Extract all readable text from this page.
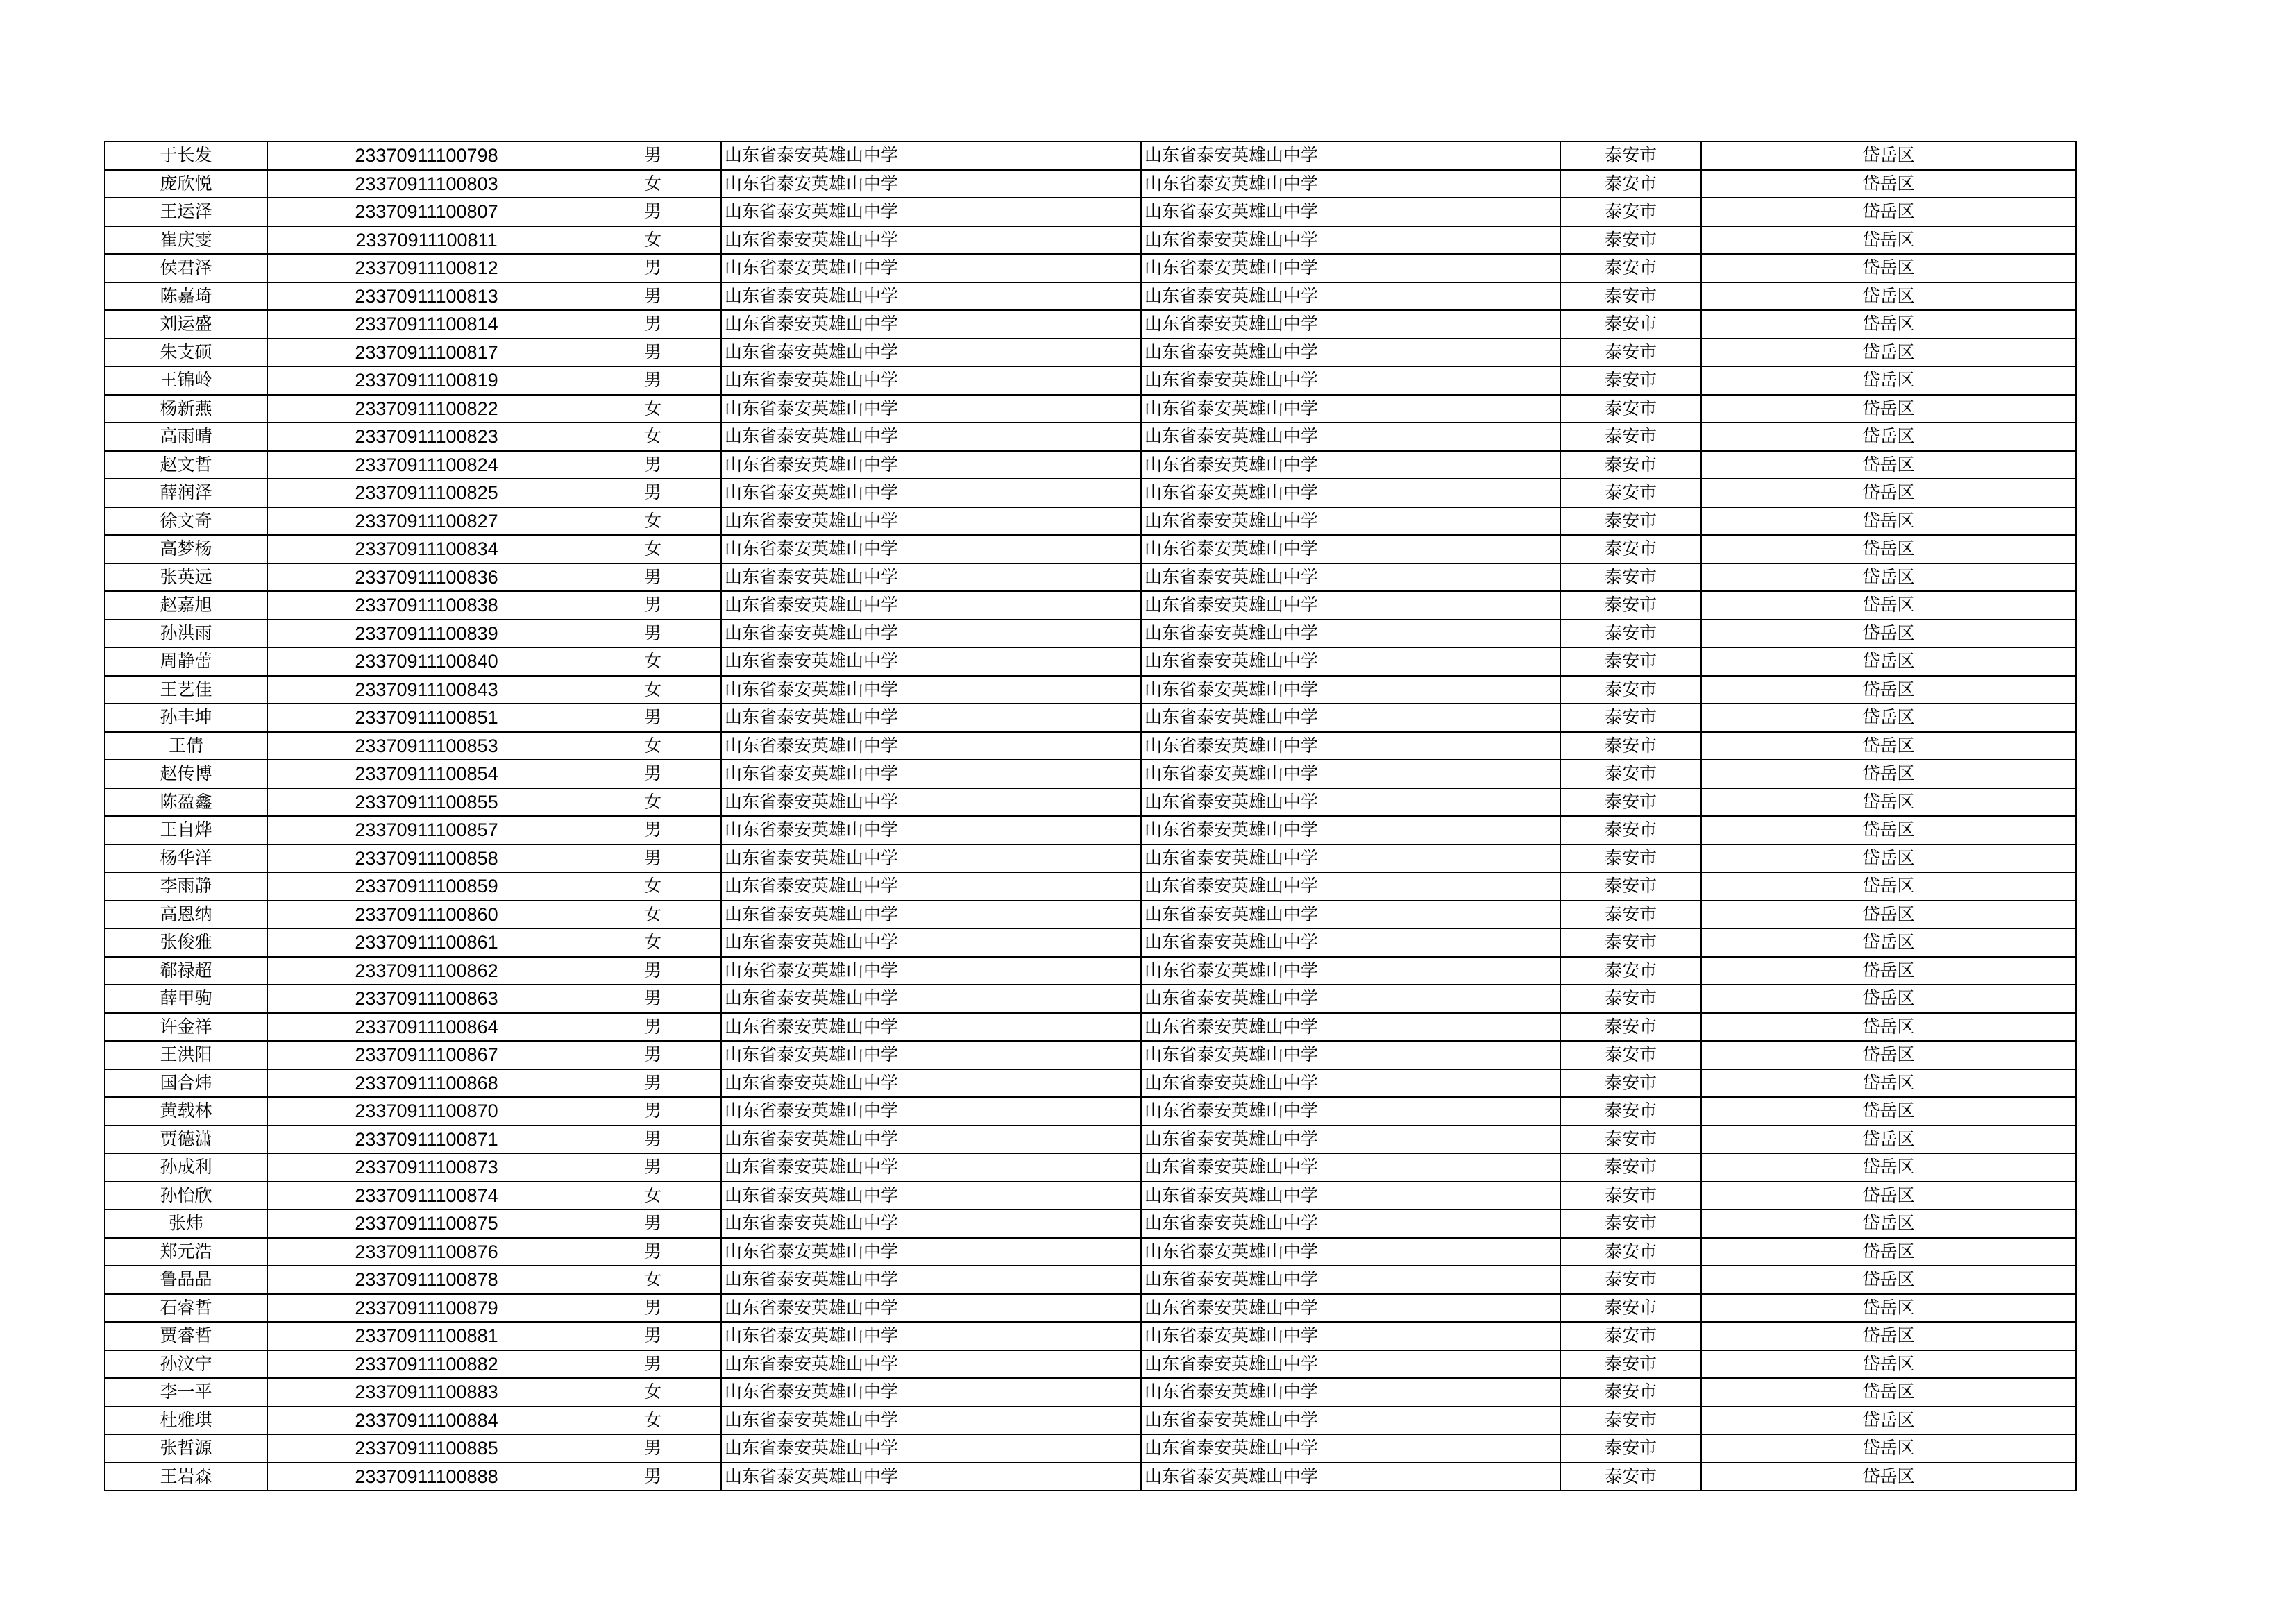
于长发	23370911100798	男	山东省泰安英雄山中学	山东省泰安英雄山中学	泰安市	岱岳区
庞欣悦	23370911100803	女	山东省泰安英雄山中学	山东省泰安英雄山中学	泰安市	岱岳区
王运泽	23370911100807	男	山东省泰安英雄山中学	山东省泰安英雄山中学	泰安市	岱岳区
崔庆雯	23370911100811	女	山东省泰安英雄山中学	山东省泰安英雄山中学	泰安市	岱岳区
侯君泽	23370911100812	男	山东省泰安英雄山中学	山东省泰安英雄山中学	泰安市	岱岳区
陈嘉琦	23370911100813	男	山东省泰安英雄山中学	山东省泰安英雄山中学	泰安市	岱岳区
刘运盛	23370911100814	男	山东省泰安英雄山中学	山东省泰安英雄山中学	泰安市	岱岳区
朱支硕	23370911100817	男	山东省泰安英雄山中学	山东省泰安英雄山中学	泰安市	岱岳区
王锦岭	23370911100819	男	山东省泰安英雄山中学	山东省泰安英雄山中学	泰安市	岱岳区
杨新燕	23370911100822	女	山东省泰安英雄山中学	山东省泰安英雄山中学	泰安市	岱岳区
高雨晴	23370911100823	女	山东省泰安英雄山中学	山东省泰安英雄山中学	泰安市	岱岳区
赵文哲	23370911100824	男	山东省泰安英雄山中学	山东省泰安英雄山中学	泰安市	岱岳区
薛润泽	23370911100825	男	山东省泰安英雄山中学	山东省泰安英雄山中学	泰安市	岱岳区
徐文奇	23370911100827	女	山东省泰安英雄山中学	山东省泰安英雄山中学	泰安市	岱岳区
高梦杨	23370911100834	女	山东省泰安英雄山中学	山东省泰安英雄山中学	泰安市	岱岳区
张英远	23370911100836	男	山东省泰安英雄山中学	山东省泰安英雄山中学	泰安市	岱岳区
赵嘉旭	23370911100838	男	山东省泰安英雄山中学	山东省泰安英雄山中学	泰安市	岱岳区
孙洪雨	23370911100839	男	山东省泰安英雄山中学	山东省泰安英雄山中学	泰安市	岱岳区
周静蕾	23370911100840	女	山东省泰安英雄山中学	山东省泰安英雄山中学	泰安市	岱岳区
王艺佳	23370911100843	女	山东省泰安英雄山中学	山东省泰安英雄山中学	泰安市	岱岳区
孙丰坤	23370911100851	男	山东省泰安英雄山中学	山东省泰安英雄山中学	泰安市	岱岳区
王倩	23370911100853	女	山东省泰安英雄山中学	山东省泰安英雄山中学	泰安市	岱岳区
赵传博	23370911100854	男	山东省泰安英雄山中学	山东省泰安英雄山中学	泰安市	岱岳区
陈盈鑫	23370911100855	女	山东省泰安英雄山中学	山东省泰安英雄山中学	泰安市	岱岳区
王自烨	23370911100857	男	山东省泰安英雄山中学	山东省泰安英雄山中学	泰安市	岱岳区
杨华洋	23370911100858	男	山东省泰安英雄山中学	山东省泰安英雄山中学	泰安市	岱岳区
李雨静	23370911100859	女	山东省泰安英雄山中学	山东省泰安英雄山中学	泰安市	岱岳区
高恩纳	23370911100860	女	山东省泰安英雄山中学	山东省泰安英雄山中学	泰安市	岱岳区
张俊雅	23370911100861	女	山东省泰安英雄山中学	山东省泰安英雄山中学	泰安市	岱岳区
郗禄超	23370911100862	男	山东省泰安英雄山中学	山东省泰安英雄山中学	泰安市	岱岳区
薛甲驹	23370911100863	男	山东省泰安英雄山中学	山东省泰安英雄山中学	泰安市	岱岳区
许金祥	23370911100864	男	山东省泰安英雄山中学	山东省泰安英雄山中学	泰安市	岱岳区
王洪阳	23370911100867	男	山东省泰安英雄山中学	山东省泰安英雄山中学	泰安市	岱岳区
国合炜	23370911100868	男	山东省泰安英雄山中学	山东省泰安英雄山中学	泰安市	岱岳区
黄载林	23370911100870	男	山东省泰安英雄山中学	山东省泰安英雄山中学	泰安市	岱岳区
贾德潇	23370911100871	男	山东省泰安英雄山中学	山东省泰安英雄山中学	泰安市	岱岳区
孙成利	23370911100873	男	山东省泰安英雄山中学	山东省泰安英雄山中学	泰安市	岱岳区
孙怡欣	23370911100874	女	山东省泰安英雄山中学	山东省泰安英雄山中学	泰安市	岱岳区
张炜	23370911100875	男	山东省泰安英雄山中学	山东省泰安英雄山中学	泰安市	岱岳区
郑元浩	23370911100876	男	山东省泰安英雄山中学	山东省泰安英雄山中学	泰安市	岱岳区
鲁晶晶	23370911100878	女	山东省泰安英雄山中学	山东省泰安英雄山中学	泰安市	岱岳区
石睿哲	23370911100879	男	山东省泰安英雄山中学	山东省泰安英雄山中学	泰安市	岱岳区
贾睿哲	23370911100881	男	山东省泰安英雄山中学	山东省泰安英雄山中学	泰安市	岱岳区
孙汶宁	23370911100882	男	山东省泰安英雄山中学	山东省泰安英雄山中学	泰安市	岱岳区
李一平	23370911100883	女	山东省泰安英雄山中学	山东省泰安英雄山中学	泰安市	岱岳区
杜雅琪	23370911100884	女	山东省泰安英雄山中学	山东省泰安英雄山中学	泰安市	岱岳区
张哲源	23370911100885	男	山东省泰安英雄山中学	山东省泰安英雄山中学	泰安市	岱岳区
王岩森	23370911100888	男	山东省泰安英雄山中学	山东省泰安英雄山中学	泰安市	岱岳区
